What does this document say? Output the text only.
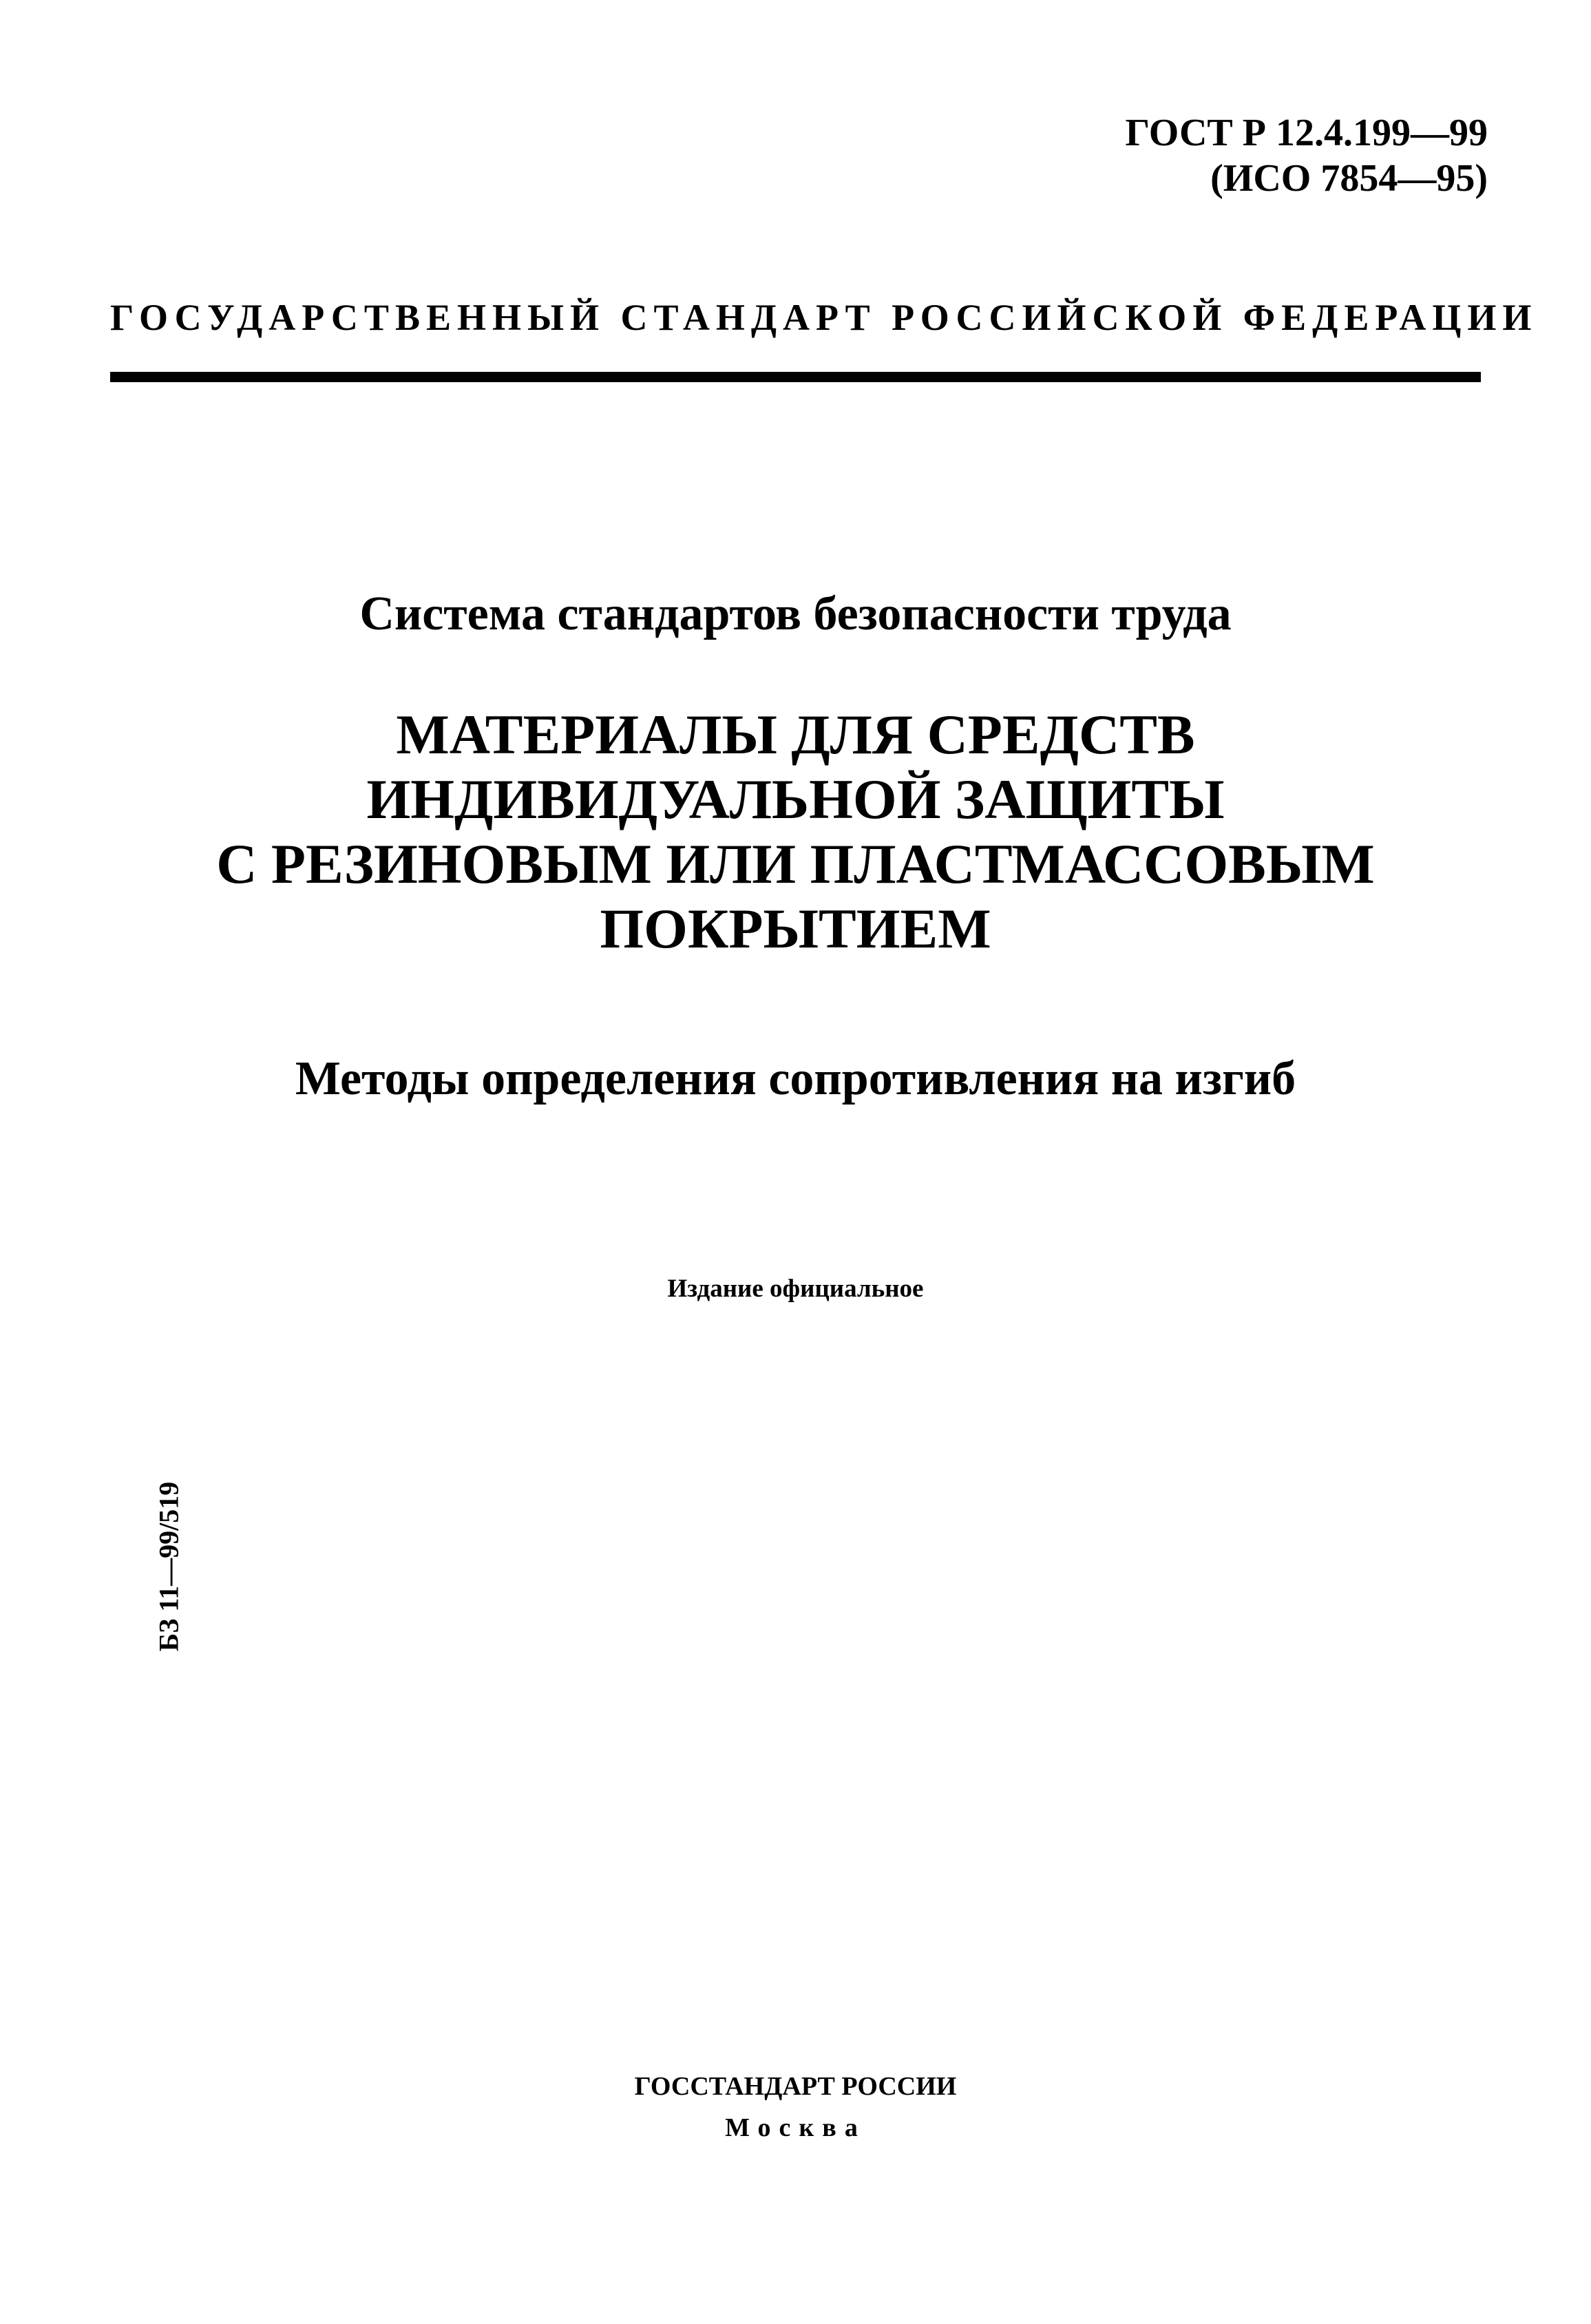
ГОСТ Р 12.4.199—99
(ИСО 7854—95)
ГОСУДАРСТВЕННЫЙ СТАНДАРТ РОССИЙСКОЙ ФЕДЕРАЦИИ
Система стандартов безопасности труда
МАТЕРИАЛЫ ДЛЯ СРЕДСТВ
ИНДИВИДУАЛЬНОЙ ЗАЩИТЫ
С РЕЗИНОВЫМ ИЛИ ПЛАСТМАССОВЫМ
ПОКРЫТИЕМ
Методы определения сопротивления на изгиб
Издание официальное
БЗ 11—99/519
ГОССТАНДАРТ РОССИИ
Москва
